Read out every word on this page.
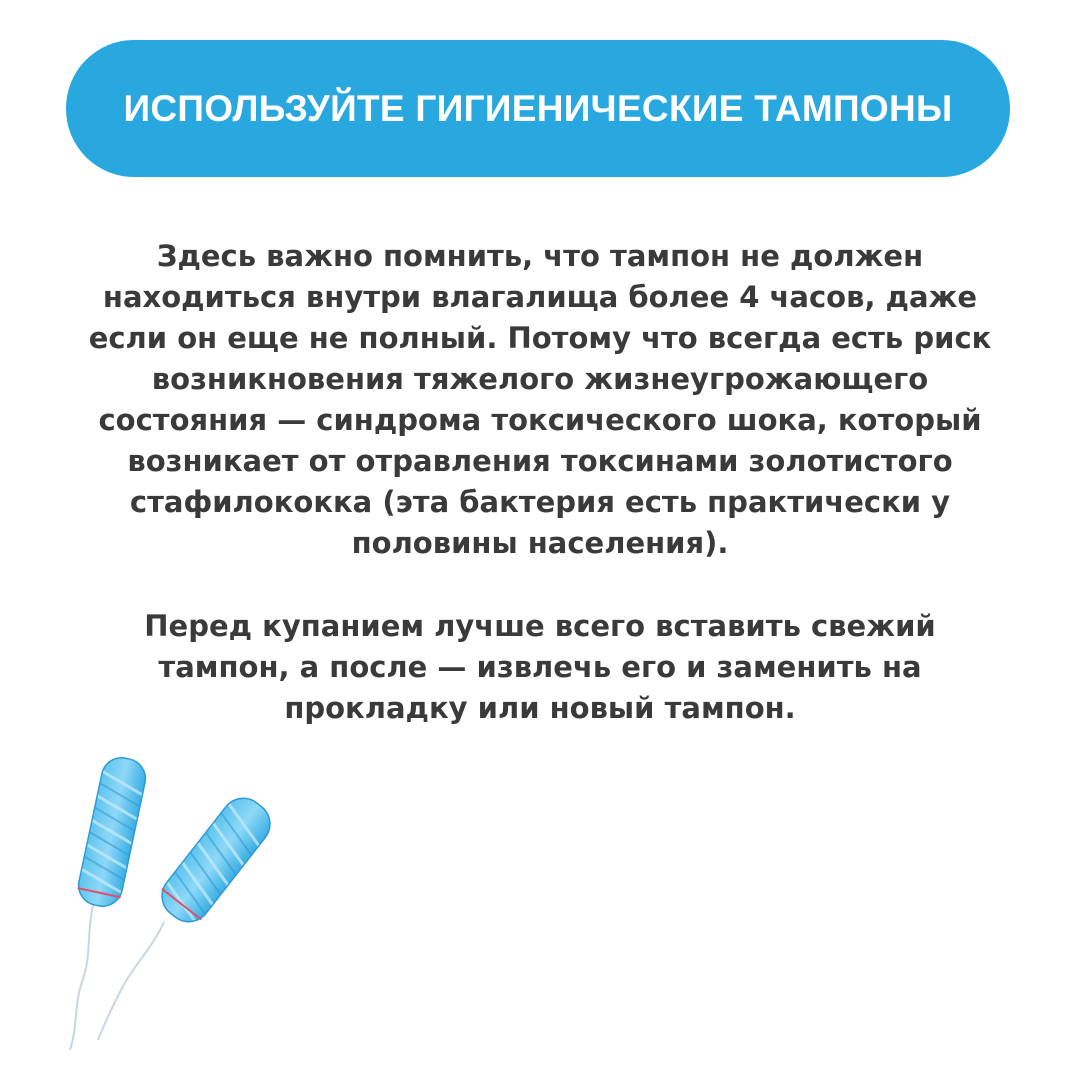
ИСПОЛЬЗУЙТЕ ГИГИЕНИЧЕСКИЕ ТАМПОНЫ

Здесь важно помнить, что тампон не должен
находиться внутри влагалища более 4 часов, даже
если он еще не полный. Потому что всегда есть риск
возникновения тяжелого жизнеугрожающего
состояния — синдрома токсического шока, который
возникает от отравления токсинами золотистого
стафилококка (эта бактерия есть практически у
половины населения).

Перед купанием лучше всего вставить свежий
тампон, а после — извлечь его и заменить на
прокладку или новый тампон.
